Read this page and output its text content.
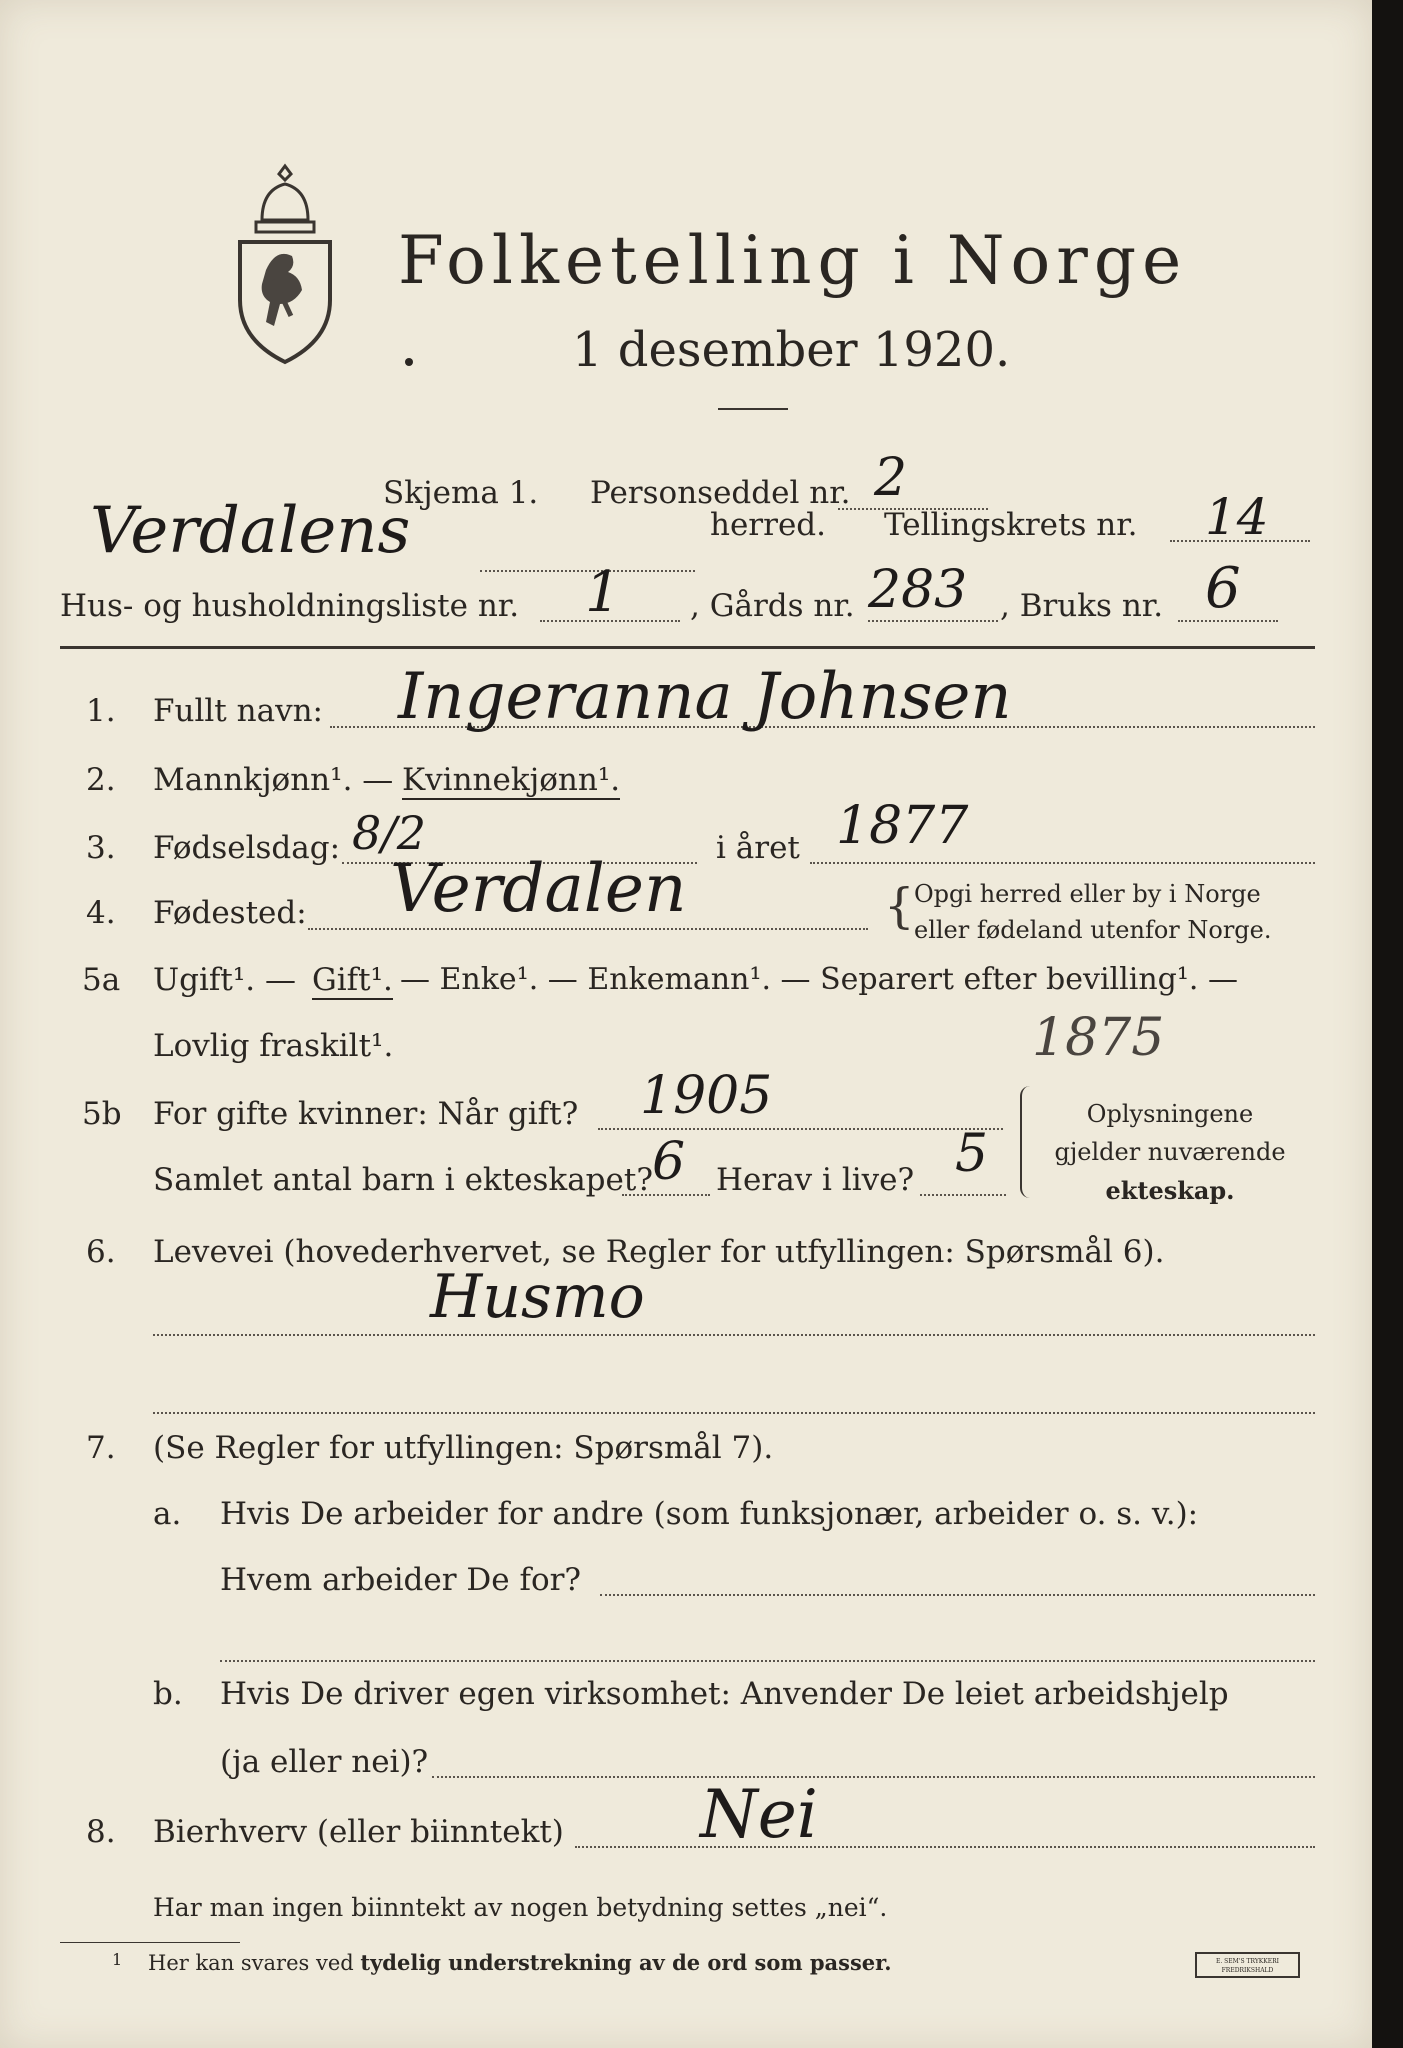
Folketelling i Norge
1 desember 1920.
Skjema 1. Personseddel nr. 2
Verdalens	herred. Tellingskrets nr. 14
Hus- og husholdningsliste nr. 1 , Gårds nr. 283 , Bruks nr. 6
1. Fullt navn: Ingeranna Johnsen
2. Mannkjønn¹. — Kvinnekjønn¹.
3. Fødselsdag: 8/2	i året 1877
4. Fødested: Verdalen	{ Opgi herred eller by i Norge
eller fødeland utenfor Norge.
5a Ugift¹. — Gift¹. — Enke¹. — Enkemann¹. — Separert efter bevilling¹. —
Lovlig fraskilt¹.	1875
5b For gifte kvinner: Når gift? 1905
Samlet antal barn i ekteskapet? 6 Herav i live? 5
Oplysningene
gjelder nuværende
ekteskap.
6. Levevei (hovederhvervet, se Regler for utfyllingen: Spørsmål 6).
Husmo
7. (Se Regler for utfyllingen: Spørsmål 7).
a. Hvis De arbeider for andre (som funksjonær, arbeider o. s. v.):
Hvem arbeider De for?
b. Hvis De driver egen virksomhet: Anvender De leiet arbeidshjelp
(ja eller nei)?
8. Bierhverv (eller biinntekt) Nei
Har man ingen biinntekt av nogen betydning settes „nei“.
1 Her kan svares ved tydelig understrekning av de ord som passer.	E. SEM'S TRYKKERI
FREDRIKSHALD
